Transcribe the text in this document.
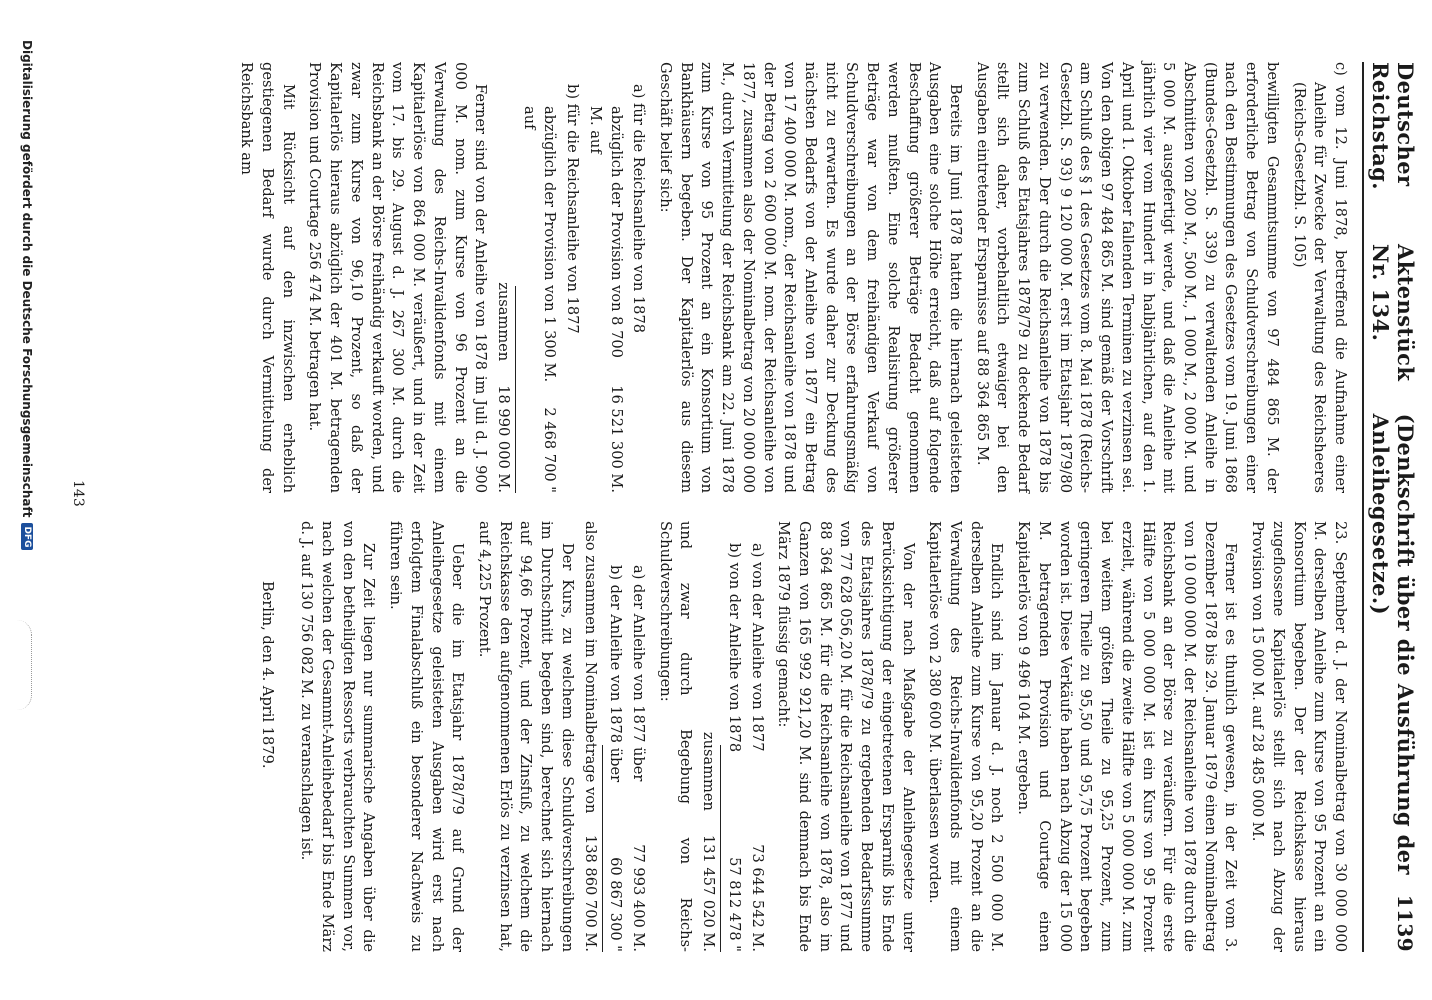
Deutscher Reichstag.
Aktenstück Nr. 134.
(Denkschrift über die Ausführung der Anleihegesetze.)
1139

c) vom 12. Juni 1878, betreffend die Aufnahme einer Anleihe für Zwecke der Verwaltung des Reichsheeres (Reichs-Gesetzbl. S. 105)

bewilligten Gesammtsumme von 97 484 865 M. der erforderliche Betrag von Schuldverschreibungen einer nach den Bestimmungen des Gesetzes vom 19. Juni 1868 (Bundes-Gesetzbl. S. 339) zu verwaltenden Anleihe in Abschnitten von 200 M., 500 M., 1 000 M., 2 000 M. und 5 000 M. ausgefertigt werde, und daß die Anleihe mit jährlich vier vom Hundert in halbjährlichen, auf den 1. April und 1. Oktober fallenden Terminen zu verzinsen sei. Von den obigen 97 484 865 M. sind gemäß der Vorschrift am Schluß des § 1 des Gesetzes vom 8. Mai 1878 (Reichs-Gesetzbl. S. 93) 9 120 000 M. erst im Etatsjahr 1879/80 zu verwenden. Der durch die Reichsanleihe von 1878 bis zum Schluß des Etatsjahres 1878/79 zu deckende Bedarf stellt sich daher, vorbehaltlich etwaiger bei den Ausgaben eintretender Ersparnisse auf 88 364 865 M.

Bereits im Juni 1878 hatten die hiernach geleisteten Ausgaben eine solche Höhe erreicht, daß auf folgende Beschaffung größerer Beträge Bedacht genommen werden mußten. Eine solche Realisirung größerer Beträge war von dem freihändigen Verkauf von Schuldverschreibungen an der Börse erfahrungsmäßig nicht zu erwarten. Es wurde daher zur Deckung des nächsten Bedarfs von der Anleihe von 1877 ein Betrag von 17 400 000 M. nom., der Reichsanleihe von 1878 und der Betrag von 2 600 000 M. nom. der Reichsanleihe von 1877, zusammen also der Nominalbetrag von 20 000 000 M., durch Vermittelung der Reichsbank am 22. Juni 1878 zum Kurse von 95 Prozent an ein Konsortium von Bankhäusern begeben. Der Kapitalerlös aus diesem Geschäft belief sich:

a) für die Reichsanleihe von 1878
abzüglich der Provision von 8 700 M. auf
16 521 300 M.
b) für die Reichsanleihe von 1877
abzüglich der Provision von 1 300 M. auf
2 468 700 "
zusammen
18 990 000 M.

Ferner sind von der Anleihe von 1878 im Juli d. J. 900 000 M. nom. zum Kurse von 96 Prozent an die Verwaltung des Reichs-Invalidenfonds mit einem Kapitalerlöse von 864 000 M. veräußert, und in der Zeit vom 17. bis 29. August d. J. 267 300 M. durch die Reichsbank an der Börse freihändig verkauft worden, und zwar zum Kurse von 96,10 Prozent, so daß der Kapitalerlös hieraus abzüglich der 401 M. betragenden Provision und Courtage 256 474 M. betragen hat.

Mit Rücksicht auf den inzwischen erheblich gestiegenen Bedarf wurde durch Vermittelung der Reichsbank am

23. September d. J. der Nominalbetrag von 30 000 000 M. derselben Anleihe zum Kurse von 95 Prozent an ein Konsortium begeben. Der der Reichskasse hieraus zugeflossene Kapitalerlös stellt sich nach Abzug der Provision von 15 000 M. auf 28 485 000 M.

Ferner ist es thunlich gewesen, in der Zeit vom 3. Dezember 1878 bis 29. Januar 1879 einen Nominalbetrag von 10 000 000 M. der Reichsanleihe von 1878 durch die Reichsbank an der Börse zu veräußern. Für die erste Hälfte von 5 000 000 M. ist ein Kurs von 95 Prozent erzielt, während die zweite Hälfte von 5 000 000 M. zum bei weitem größten Theile zu 95,25 Prozent, zum geringeren Theile zu 95,50 und 95,75 Prozent begeben worden ist. Diese Verkäufe haben nach Abzug der 15 000 M. betragenden Provision und Courtage einen Kapitalerlös von 9 496 104 M. ergeben.

Endlich sind im Januar d. J. noch 2 500 000 M. derselben Anleihe zum Kurse von 95,20 Prozent an die Verwaltung des Reichs-Invalidenfonds mit einem Kapitalerlöse von 2 380 600 M. überlassen worden.

Von der nach Maßgabe der Anleihegesetze unter Berücksichtigung der eingetretenen Ersparniß bis Ende des Etatsjahres 1878/79 zu ergebenden Bedarfssumme von 77 628 056,20 M. für die Reichsanleihe von 1877 und 88 364 865 M. für die Reichsanleihe von 1878, also im Ganzen von 165 992 921,20 M. sind demnach bis Ende März 1879 flüssig gemacht:

a) von der Anleihe von 1877
73 644 542 M.
b) von der Anleihe von 1878
57 812 478 "
zusammen
131 457 020 M.

und zwar durch Begebung von Reichs-Schuldverschreibungen:

a) der Anleihe von 1877 über
77 993 400 M.
b) der Anleihe von 1878 über
60 867 300 "
also zusammen im Nominalbetrage von
138 860 700 M.

Der Kurs, zu welchem diese Schuldverschreibungen im Durchschnitt begeben sind, berechnet sich hiernach auf 94,66 Prozent, und der Zinsfuß, zu welchem die Reichskasse den aufgenommenen Erlös zu verzinsen hat, auf 4,225 Prozent.

Ueber die im Etatsjahr 1878/79 auf Grund der Anleihegesetze geleisteten Ausgaben wird erst nach erfolgtem Finalabschluß ein besonderer Nachweis zu führen sein.

Zur Zeit liegen nur summarische Angaben über die von den betheiligten Ressorts verbrauchten Summen vor, nach welchen der Gesammt-Anleihebedarf bis Ende März d. J. auf 130 756 082 M. zu veranschlagen ist.

Berlin, den 4. April 1879.
143
Digitalisierung gefördert durch die Deutsche Forschungsgemeinschaft
DFG
